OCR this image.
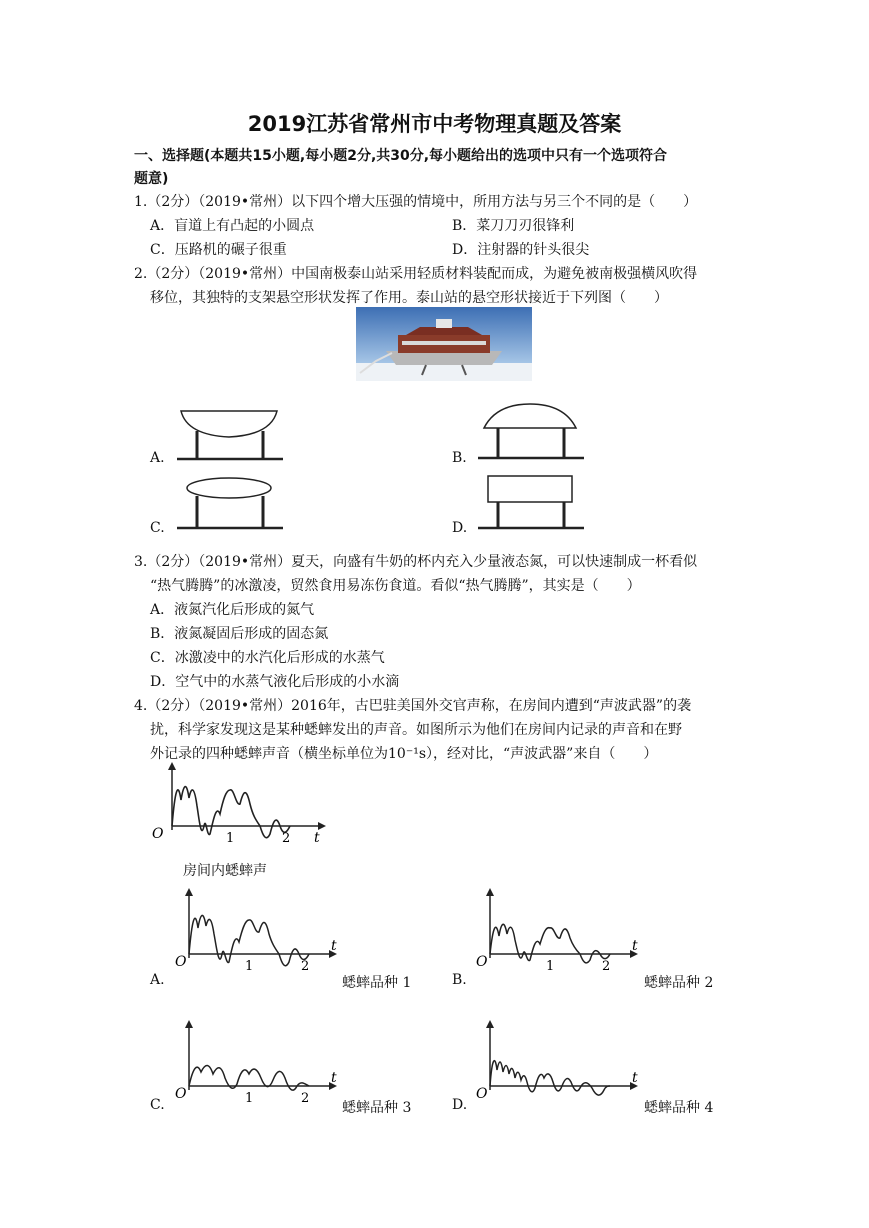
2019江苏省常州市中考物理真题及答案
一、选择题(本题共15小题,每小题2分,共30分,每小题给出的选项中只有一个选项符合
题意)
1.（2分）（2019•常州）以下四个增大压强的情境中，所用方法与另三个不同的是（　　）
A．盲道上有凸起的小圆点	B．菜刀刀刃很锋利
C．压路机的碾子很重	D．注射器的针头很尖
2.（2分）（2019•常州）中国南极泰山站采用轻质材料装配而成，为避免被南极强横风吹得
移位，其独特的支架悬空形状发挥了作用。泰山站的悬空形状接近于下列图（　　）
A.	B.
C.	D.
3.（2分）（2019•常州）夏天，向盛有牛奶的杯内充入少量液态氮，可以快速制成一杯看似
“热气腾腾”的冰激凌，贸然食用易冻伤食道。看似“热气腾腾”，其实是（　　）
A．液氮汽化后形成的氮气
B．液氮凝固后形成的固态氮
C．冰激凌中的水汽化后形成的水蒸气
D．空气中的水蒸气液化后形成的小水滴
4.（2分）（2019•常州）2016年，古巴驻美国外交官声称，在房间内遭到“声波武器”的袭
扰，科学家发现这是某种蟋蟀发出的声音。如图所示为他们在房间内记录的声音和在野
外记录的四种蟋蟀声音（横坐标单位为10⁻¹s），经对比，“声波武器”来自（　　）
O	1	2 t
房间内蟋蟀声
A.
O	1	2
t
蟋蟀品种 1	B.
O	1	2
t
蟋蟀品种 2
C.
O	1	2
t
蟋蟀品种 3	D.
O
t
蟋蟀品种 4
